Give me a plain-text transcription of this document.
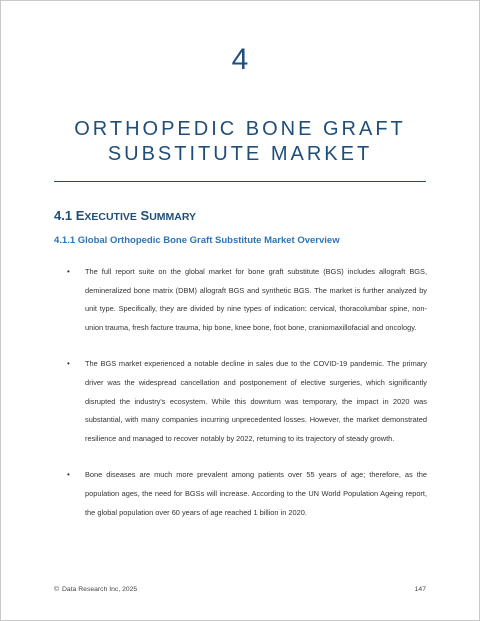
4
ORTHOPEDIC BONE GRAFT
SUBSTITUTE MARKET
4.1 EXECUTIVE SUMMARY
4.1.1 Global Orthopedic Bone Graft Substitute Market Overview
• The full report suite on the global market for bone graft substitute (BGS) includes allograft BGS, demineralized bone matrix (DBM) allograft BGS and synthetic BGS. The market is further analyzed by unit type. Specifically, they are divided by nine types of indication: cervical, thoracolumbar spine, non-union trauma, fresh facture trauma, hip bone, knee bone, foot bone, craniomaxillofacial and oncology.
• The BGS market experienced a notable decline in sales due to the COVID-19 pandemic. The primary driver was the widespread cancellation and postponement of elective surgeries, which significantly disrupted the industry's ecosystem. While this downturn was temporary, the impact in 2020 was substantial, with many companies incurring unprecedented losses. However, the market demonstrated resilience and managed to recover notably by 2022, returning to its trajectory of steady growth.
• Bone diseases are much more prevalent among patients over 55 years of age; therefore, as the population ages, the need for BGSs will increase. According to the UN World Population Ageing report, the global population over 60 years of age reached 1 billion in 2020.
© Data Research Inc, 2025	147
